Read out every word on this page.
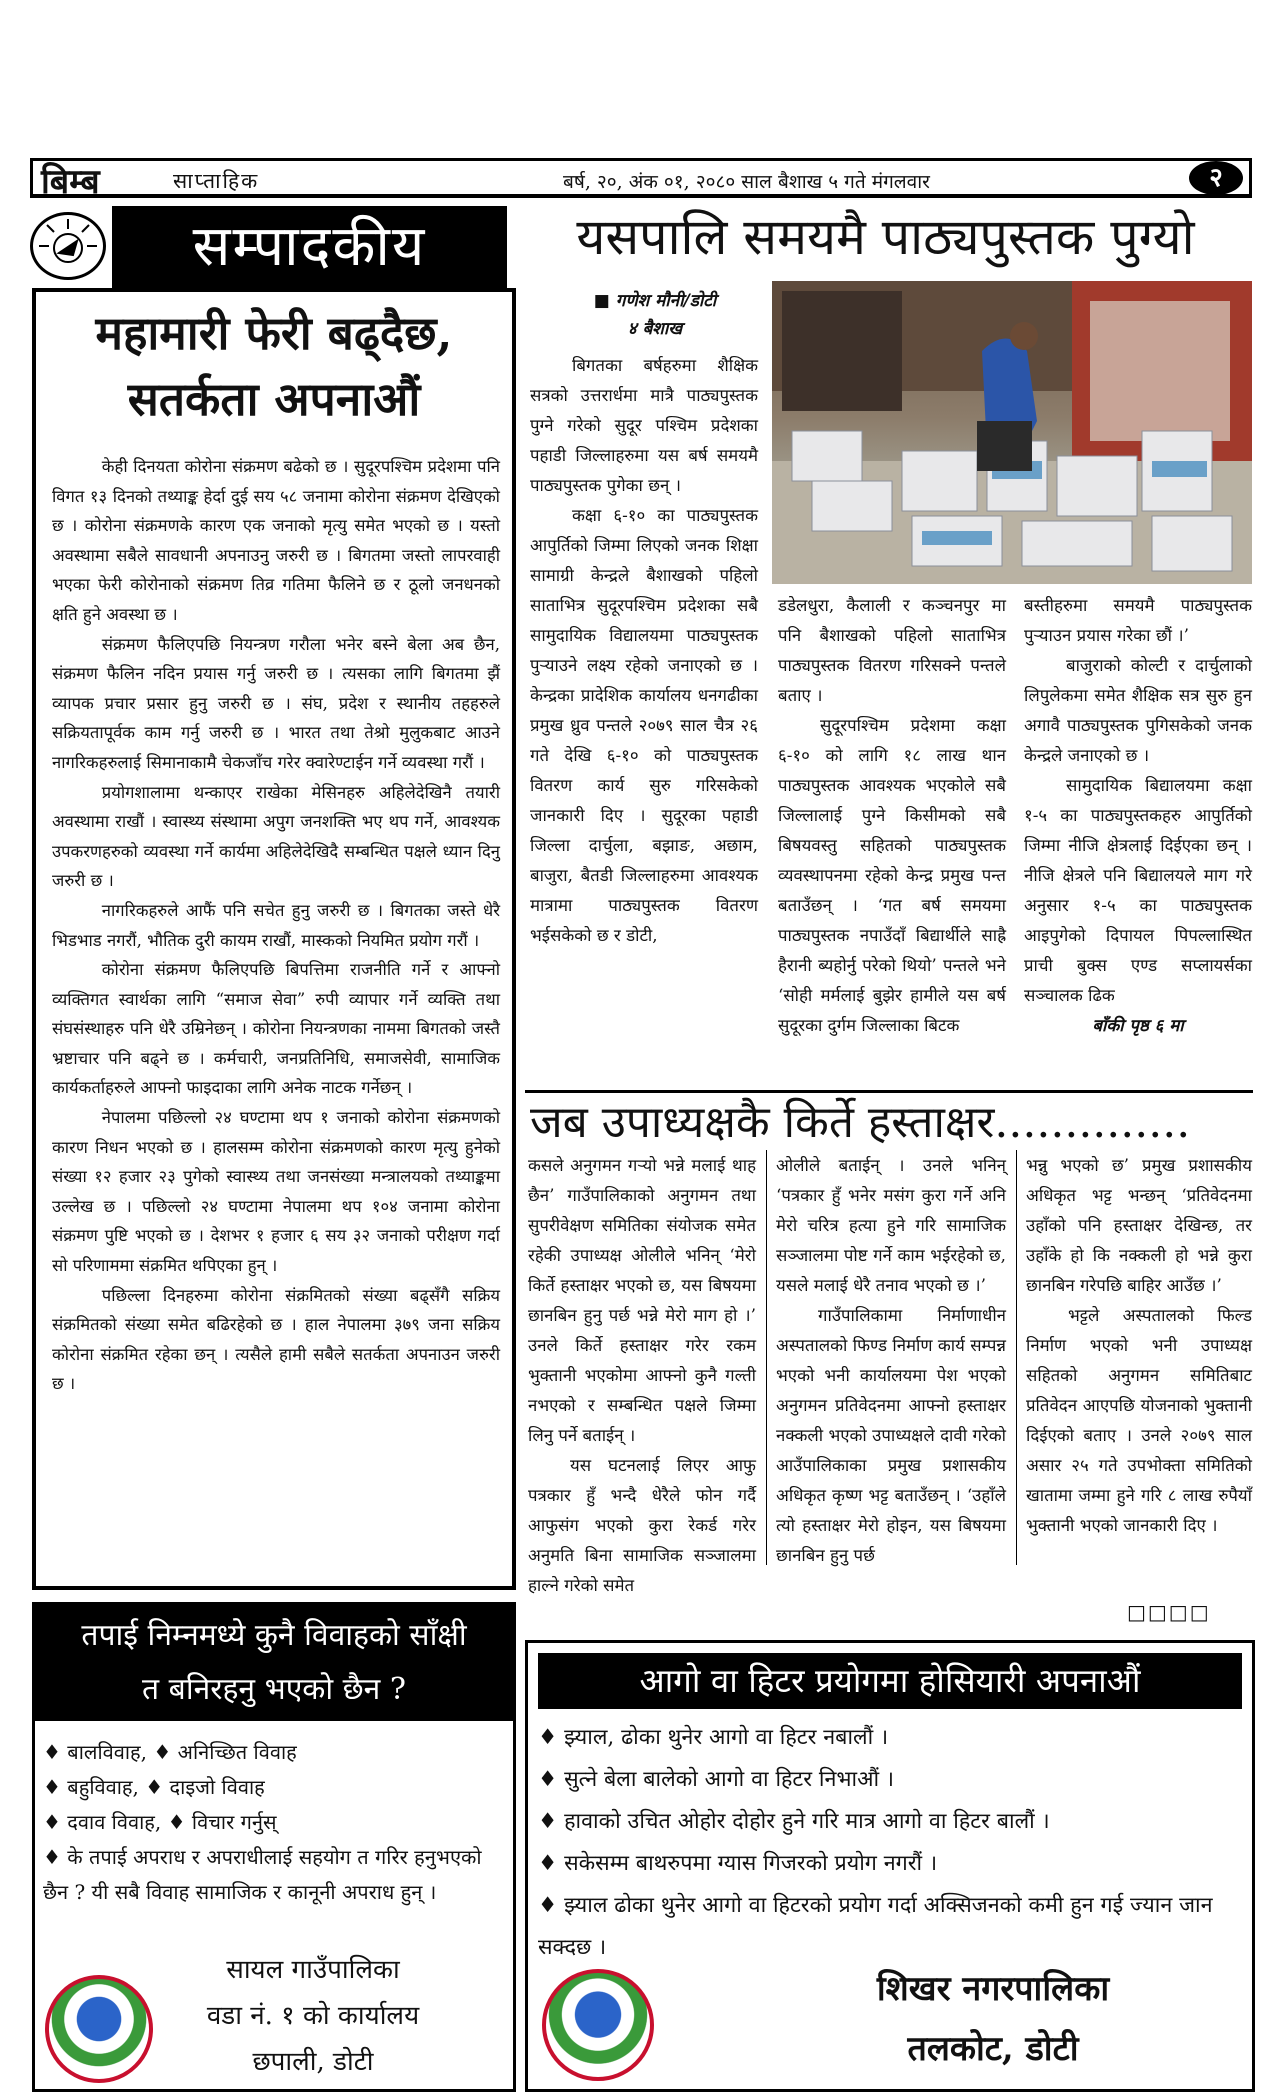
बिम्ब	साप्ताहिक	बर्ष, २०, अंक ०१, २०८० साल बैशाख ५ गते मंगलवार	२
सम्पादकीय	यसपालि समयमै पाठ्यपुस्तक पुग्यो
महामारी फेरी बढ्दैछ,
सतर्कता अपनाऔं

केही दिनयता कोरोना संक्रमण बढेको छ । सुदूरपश्चिम प्रदेशमा पनि विगत १३ दिनको तथ्याङ्क हेर्दा दुई सय ५८ जनामा कोरोना संक्रमण देखिएको छ । कोरोना संक्रमणके कारण एक जनाको मृत्यु समेत भएको छ । यस्तो अवस्थामा सबैले सावधानी अपनाउनु जरुरी छ । बिगतमा जस्तो लापरवाही भएका फेरी कोरोनाको संक्रमण तिव्र गतिमा फैलिने छ र ठूलो जनधनको क्षति हुने अवस्था छ ।

संक्रमण फैलिएपछि नियन्त्रण गरौला भनेर बस्ने बेला अब छैन, संक्रमण फैलिन नदिन प्रयास गर्नु जरुरी छ । त्यसका लागि बिगतमा झैं व्यापक प्रचार प्रसार हुनु जरुरी छ । संघ, प्रदेश र स्थानीय तहहरुले सक्रियतापूर्वक काम गर्नु जरुरी छ । भारत तथा तेश्रो मुलुकबाट आउने नागरिकहरुलाई सिमानाकामै चेकजाँच गरेर क्वारेण्टाईन गर्ने व्यवस्था गरौं ।

प्रयोगशालामा थन्काएर राखेका मेसिनहरु अहिलेदेखिनै तयारी अवस्थामा राखौं । स्वास्थ्य संस्थामा अपुग जनशक्ति भए थप गर्ने, आवश्यक उपकरणहरुको व्यवस्था गर्ने कार्यमा अहिलेदेखिदै सम्बन्धित पक्षले ध्यान दिनु जरुरी छ ।

नागरिकहरुले आफैं पनि सचेत हुनु जरुरी छ । बिगतका जस्ते धेरै भिडभाड नगरौं, भौतिक दुरी कायम राखौं, मास्कको नियमित प्रयोग गरौं ।

कोरोना संक्रमण फैलिएपछि बिपत्तिमा राजनीति गर्ने र आफ्नो व्यक्तिगत स्वार्थका लागि “समाज सेवा” रुपी व्यापार गर्ने व्यक्ति तथा संघसंस्थाहरु पनि धेरै उम्रिनेछन् । कोरोना नियन्त्रणका नाममा बिगतको जस्तै भ्रष्टाचार पनि बढ्ने छ । कर्मचारी, जनप्रतिनिधि, समाजसेवी, सामाजिक कार्यकर्ताहरुले आफ्नो फाइदाका लागि अनेक नाटक गर्नेछन् ।

नेपालमा पछिल्लो २४ घण्टामा थप १ जनाको कोरोना संक्रमणको कारण निधन भएको छ । हालसम्म कोरोना संक्रमणको कारण मृत्यु हुनेको संख्या १२ हजार २३ पुगेको स्वास्थ्य तथा जनसंख्या मन्त्रालयको तथ्याङ्कमा उल्लेख छ । पछिल्लो २४ घण्टामा नेपालमा थप १०४ जनामा कोरोना संक्रमण पुष्टि भएको छ । देशभर १ हजार ६ सय ३२ जनाको परीक्षण गर्दा सो परिणाममा संक्रमित थपिएका हुन् ।

पछिल्ला दिनहरुमा कोरोना संक्रमितको संख्या बढ्सँगै सक्रिय संक्रमितको संख्या समेत बढिरहेको छ । हाल नेपालमा ३७९ जना सक्रिय कोरोना संक्रमित रहेका छन् । त्यसैले हामी सबैले सतर्कता अपनाउन जरुरी छ ।

■ गणेश मौनी/डोटी
४ बैशाख

बिगतका बर्षहरुमा शैक्षिक सत्रको उत्तरार्धमा मात्रै पाठ्यपुस्तक पुग्ने गरेको सुदूर पश्चिम प्रदेशका पहाडी जिल्लाहरुमा यस बर्ष समयमै पाठ्यपुस्तक पुगेका छन् ।

कक्षा ६-१० का पाठ्यपुस्तक आपुर्तिको जिम्मा लिएको जनक शिक्षा सामाग्री केन्द्रले बैशाखको पहिलो साताभित्र सुदूरपश्चिम प्रदेशका सबै सामुदायिक विद्यालयमा पाठ्यपुस्तक पुऱ्याउने लक्ष्य रहेको जनाएको छ । केन्द्रका प्रादेशिक कार्यालय धनगढीका प्रमुख ध्रुव पन्तले २०७९ साल चैत्र २६ गते देखि ६-१० को पाठ्यपुस्तक वितरण कार्य सुरु गरिसकेको जानकारी दिए । सुदूरका पहाडी जिल्ला दार्चुला, बझाङ, अछाम, बाजुरा, बैतडी जिल्लाहरुमा आवश्यक मात्रामा पाठ्यपुस्तक वितरण भईसकेको छ र डोटी,

डडेलधुरा, कैलाली र कञ्चनपुर मा पनि बैशाखको पहिलो साताभित्र पाठ्यपुस्तक वितरण गरिसक्ने पन्तले बताए ।

सुदूरपश्चिम प्रदेशमा कक्षा ६-१० को लागि १८ लाख थान पाठ्यपुस्तक आवश्यक भएकोले सबै जिल्लालाई पुग्ने किसीमको सबै बिषयवस्तु सहितको पाठ्यपुस्तक व्यवस्थापनमा रहेको केन्द्र प्रमुख पन्त बताउँछन् । ‘गत बर्ष समयमा पाठ्यपुस्तक नपाउँदाँ बिद्यार्थीले साह्रै हैरानी ब्यहोर्नु परेको थियो’ पन्तले भने ‘सोही मर्मलाई बुझेर हामीले यस बर्ष सुदूरका दुर्गम जिल्लाका बिटक

बस्तीहरुमा समयमै पाठ्यपुस्तक पुऱ्याउन प्रयास गरेका छौं ।’

बाजुराको कोल्टी र दार्चुलाको लिपुलेकमा समेत शैक्षिक सत्र सुरु हुन अगावै पाठ्यपुस्तक पुगिसकेको जनक केन्द्रले जनाएको छ ।

सामुदायिक बिद्यालयमा कक्षा १-५ का पाठ्यपुस्तकहरु आपुर्तिको जिम्मा नीजि क्षेत्रलाई दिईएका छन् । नीजि क्षेत्रले पनि बिद्यालयले माग गरे अनुसार १-५ का पाठ्यपुस्तक आइपुगेको दिपायल पिपल्लास्थित प्राची बुक्स एण्ड सप्लायर्सका सञ्चालक ढिक

बाँकी पृष्ठ ६ मा
जब उपाध्यक्षकै किर्ते हस्ताक्षर..............

कसले अनुगमन गऱ्यो भन्ने मलाई थाह छैन’ गाउँपालिकाको अनुगमन तथा सुपरीवेक्षण समितिका संयोजक समेत रहेकी उपाध्यक्ष ओलीले भनिन् ‘मेरो किर्ते हस्ताक्षर भएको छ, यस बिषयमा छानबिन हुनु पर्छ भन्ने मेरो माग हो ।’ उनले किर्ते हस्ताक्षर गरेर रकम भुक्तानी भएकोमा आफ्नो कुनै गल्ती नभएको र सम्बन्धित पक्षले जिम्मा लिनु पर्ने बताईन् ।

यस घटनलाई लिएर आफु पत्रकार हुँ भन्दै धेरैले फोन गर्दै आफुसंग भएको कुरा रेकर्ड गरेर अनुमति बिना सामाजिक सञ्जालमा हाल्ने गरेको समेत

ओलीले बताईन् । उनले भनिन् ‘पत्रकार हुँ भनेर मसंग कुरा गर्ने अनि मेरो चरित्र हत्या हुने गरि सामाजिक सञ्जालमा पोष्ट गर्ने काम भईरहेको छ, यसले मलाई धेरै तनाव भएको छ ।’

गाउँपालिकामा निर्माणाधीन अस्पतालको फिण्ड निर्माण कार्य सम्पन्न भएको भनी कार्यालयमा पेश भएको अनुगमन प्रतिवेदनमा आफ्नो हस्ताक्षर नक्कली भएको उपाध्यक्षले दावी गरेको आउँपालिकाका प्रमुख प्रशासकीय अधिकृत कृष्ण भट्ट बताउँछन् । ‘उहाँले त्यो हस्ताक्षर मेरो होइन, यस बिषयमा छानबिन हुनु पर्छ

भन्नु भएको छ’ प्रमुख प्रशासकीय अधिकृत भट्ट भन्छन् ‘प्रतिवेदनमा उहाँको पनि हस्ताक्षर देखिन्छ, तर उहाँके हो कि नक्कली हो भन्ने कुरा छानबिन गरेपछि बाहिर आउँछ ।’

भट्टले अस्पतालको फिल्ड निर्माण भएको भनी उपाध्यक्ष सहितको अनुगमन समितिबाट प्रतिवेदन आएपछि योजनाको भुक्तानी दिईएको बताए । उनले २०७९ साल असार २५ गते उपभोक्ता समितिको खातामा जम्मा हुने गरि ८ लाख रुपैयाँ भुक्तानी भएको जानकारी दिए ।

□□□□
तपाई निम्नमध्ये कुनै विवाहको साँक्षी
त बनिरहनु भएको छैन ?
♦ बालविवाह, ♦ अनिच्छित विवाह
♦ बहुविवाह, ♦ दाइजो विवाह
♦ दवाव विवाह, ♦ विचार गर्नुस्
♦ के तपाई अपराध र अपराधीलाई सहयोग त गरिर हनुभएको छैन ? यी सबै विवाह सामाजिक र कानूनी अपराध हुन् ।
सायल गाउँपालिका
वडा नं. १ को कार्यालय
छपाली, डोटी
आगो वा हिटर प्रयोगमा होसियारी अपनाऔं
♦ झ्याल, ढोका थुनेर आगो वा हिटर नबालौं ।
♦ सुत्ने बेला बालेको आगो वा हिटर निभाऔं ।
♦ हावाको उचित ओहोर दोहोर हुने गरि मात्र आगो वा हिटर बालौं ।
♦ सकेसम्म बाथरुपमा ग्यास गिजरको प्रयोग नगरौं ।
♦ झ्याल ढोका थुनेर आगो वा हिटरको प्रयोग गर्दा अक्सिजनको कमी हुन गई ज्यान जान सक्दछ ।
शिखर नगरपालिका
तलकोट, डोटी
